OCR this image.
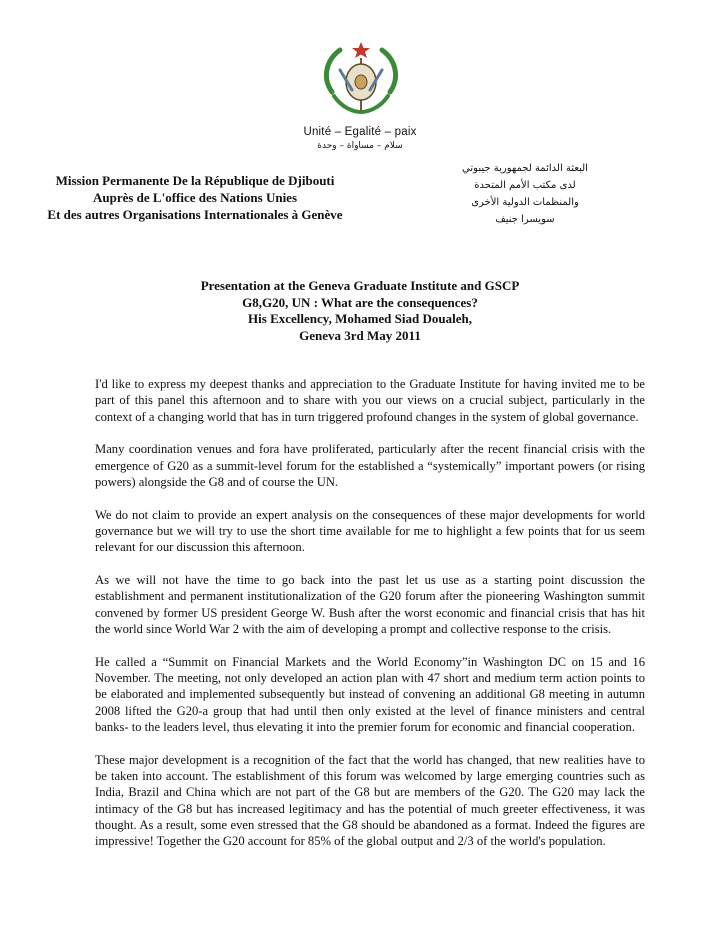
Unité – Egalité – paix
سلام – مساواة – وحدة
Mission Permanente De la République de Djibouti
Auprès de L'office des Nations Unies
Et des autres Organisations Internationales à Genève
البعثة الدائمة لجمهورية جيبوتي
لدى مكتب الأمم المتحدة
والمنظمات الدولية الأخرى
سويسرا جنيف
Presentation at the Geneva Graduate Institute and GSCP
G8,G20, UN : What are the consequences?
His Excellency, Mohamed Siad Doualeh,
Geneva 3rd May 2011

I'd like to express my deepest thanks and appreciation to the Graduate Institute for having invited me to be part of this panel this afternoon and to share with you our views on a crucial subject, particularly in the context of a changing world that has in turn triggered profound changes in the system of global governance.

Many coordination venues and fora have proliferated, particularly after the recent financial crisis with the emergence of G20 as a summit-level forum for the established a “systemically” important powers (or rising powers) alongside the G8 and of course the UN.

We do not claim to provide an expert analysis on the consequences of these major developments for world governance but we will try to use the short time available for me to highlight a few points that for us seem relevant for our discussion this afternoon.

As we will not have the time to go back into the past let us use as a starting point discussion the establishment and permanent institutionalization of the G20 forum after the pioneering Washington summit convened by former US president George W. Bush after the worst economic and financial crisis that has hit the world since World War 2 with the aim of developing a prompt and collective response to the crisis.

He called a “Summit on Financial Markets and the World Economy”in Washington DC on 15 and 16 November. The meeting, not only developed an action plan with 47 short and medium term action points to be elaborated and implemented subsequently but instead of convening an additional G8 meeting in autumn 2008 lifted the G20-a group that had until then only existed at the level of finance ministers and central banks- to the leaders level, thus elevating it into the premier forum for economic and financial cooperation.

These major development is a recognition of the fact that the world has changed, that new realities have to be taken into account. The establishment of this forum was welcomed by large emerging countries such as India, Brazil and China which are not part of the G8 but are members of the G20. The G20 may lack the intimacy of the G8 but has increased legitimacy and has the potential of much greeter effectiveness, it was thought. As a result, some even stressed that the G8 should be abandoned as a format. Indeed the figures are impressive! Together the G20 account for 85% of the global output and 2/3 of the world's population.
